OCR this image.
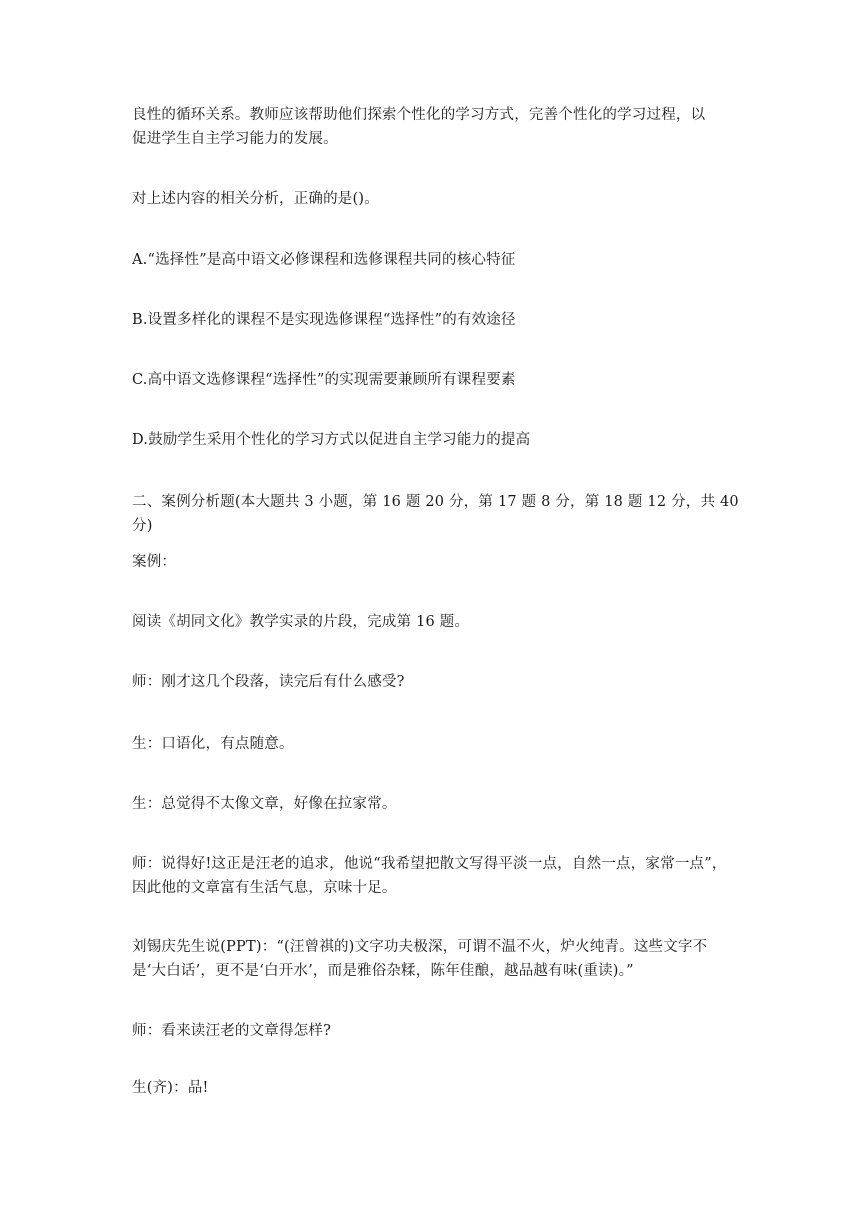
良性的循环关系。教师应该帮助他们探索个性化的学习方式，完善个性化的学习过程，以
促进学生自主学习能力的发展。

对上述内容的相关分析，正确的是()。

A.“选择性”是高中语文必修课程和选修课程共同的核心特征

B.设置多样化的课程不是实现选修课程“选择性”的有效途径

C.高中语文选修课程“选择性”的实现需要兼顾所有课程要素

D.鼓励学生采用个性化的学习方式以促进自主学习能力的提高

二、案例分析题(本大题共 3 小题，第 16 题 20 分，第 17 题 8 分，第 18 题 12 分，共 40 分)

案例：

阅读《胡同文化》教学实录的片段，完成第 16 题。

师：刚才这几个段落，读完后有什么感受?

生：口语化，有点随意。

生：总觉得不太像文章，好像在拉家常。

师：说得好!这正是汪老的追求，他说“我希望把散文写得平淡一点，自然一点，家常一点”，
因此他的文章富有生活气息，京味十足。

刘锡庆先生说(PPT)：“(汪曾祺的)文字功夫极深，可谓不温不火，炉火纯青。这些文字不
是‘大白话’，更不是‘白开水’，而是雅俗杂糅，陈年佳酿，越品越有味(重读)。”

师：看来读汪老的文章得怎样?

生(齐)：品!
